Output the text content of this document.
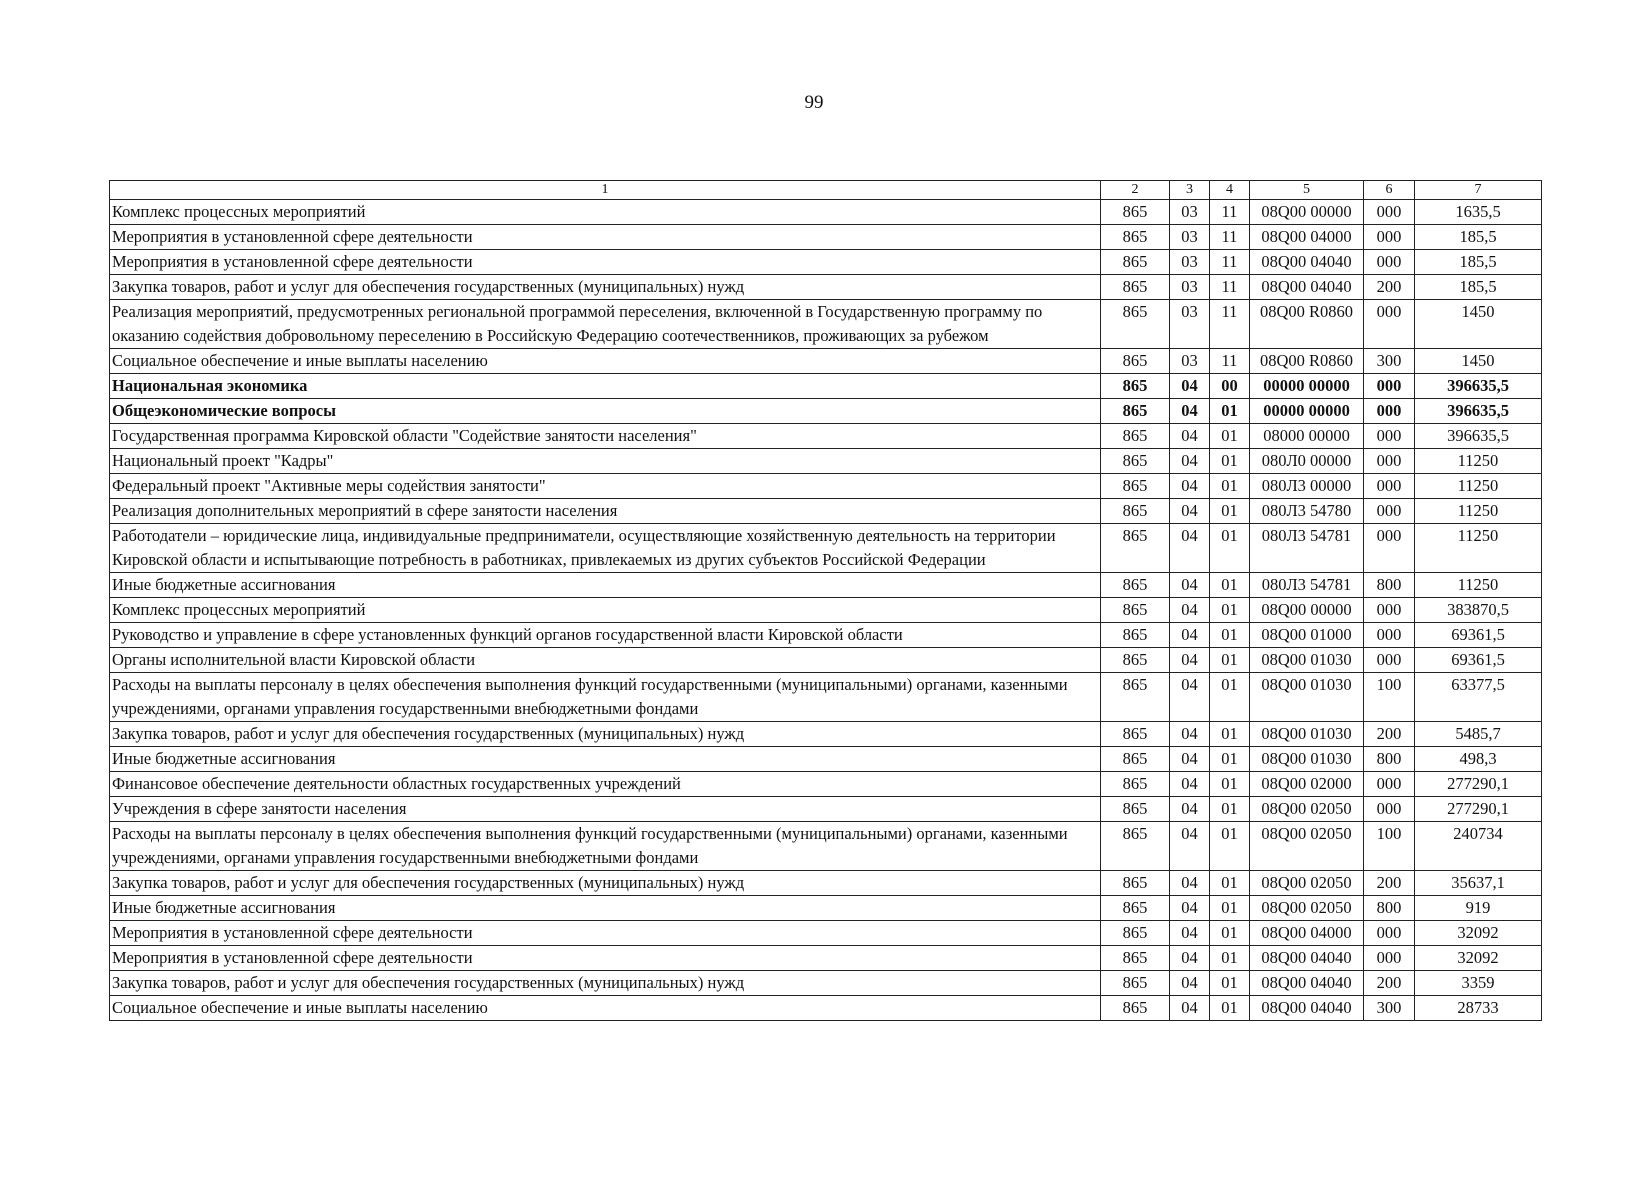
99
1	2	3	4	5	6	7
Комплекс процессных мероприятий	865	03	11	08Q00 00000	000	1635,5
Мероприятия в установленной сфере деятельности	865	03	11	08Q00 04000	000	185,5
Мероприятия в установленной сфере деятельности	865	03	11	08Q00 04040	000	185,5
Закупка товаров, работ и услуг для обеспечения государственных (муниципальных) нужд	865	03	11	08Q00 04040	200	185,5
Реализация мероприятий, предусмотренных региональной программой переселения, включенной в Государственную программу по оказанию содействия добровольному переселению в Российскую Федерацию соотечественников, проживающих за рубежом	865	03	11	08Q00 R0860	000	1450
Социальное обеспечение и иные выплаты населению	865	03	11	08Q00 R0860	300	1450
Национальная экономика	865	04	00	00000 00000	000	396635,5
Общеэкономические вопросы	865	04	01	00000 00000	000	396635,5
Государственная программа Кировской области "Содействие занятости населения"	865	04	01	08000 00000	000	396635,5
Национальный проект "Кадры"	865	04	01	080Л0 00000	000	11250
Федеральный проект "Активные меры содействия занятости"	865	04	01	080Л3 00000	000	11250
Реализация дополнительных мероприятий в сфере занятости населения	865	04	01	080Л3 54780	000	11250
Работодатели – юридические лица, индивидуальные предприниматели, осуществляющие хозяйственную деятельность на территории Кировской области и испытывающие потребность в работниках, привлекаемых из других субъектов Российской Федерации	865	04	01	080Л3 54781	000	11250
Иные бюджетные ассигнования	865	04	01	080Л3 54781	800	11250
Комплекс процессных мероприятий	865	04	01	08Q00 00000	000	383870,5
Руководство и управление в сфере установленных функций органов государственной власти Кировской области	865	04	01	08Q00 01000	000	69361,5
Органы исполнительной власти Кировской области	865	04	01	08Q00 01030	000	69361,5
Расходы на выплаты персоналу в целях обеспечения выполнения функций государственными (муниципальными) органами, казенными учреждениями, органами управления государственными внебюджетными фондами	865	04	01	08Q00 01030	100	63377,5
Закупка товаров, работ и услуг для обеспечения государственных (муниципальных) нужд	865	04	01	08Q00 01030	200	5485,7
Иные бюджетные ассигнования	865	04	01	08Q00 01030	800	498,3
Финансовое обеспечение деятельности областных государственных учреждений	865	04	01	08Q00 02000	000	277290,1
Учреждения в сфере занятости населения	865	04	01	08Q00 02050	000	277290,1
Расходы на выплаты персоналу в целях обеспечения выполнения функций государственными (муниципальными) органами, казенными учреждениями, органами управления государственными внебюджетными фондами	865	04	01	08Q00 02050	100	240734
Закупка товаров, работ и услуг для обеспечения государственных (муниципальных) нужд	865	04	01	08Q00 02050	200	35637,1
Иные бюджетные ассигнования	865	04	01	08Q00 02050	800	919
Мероприятия в установленной сфере деятельности	865	04	01	08Q00 04000	000	32092
Мероприятия в установленной сфере деятельности	865	04	01	08Q00 04040	000	32092
Закупка товаров, работ и услуг для обеспечения государственных (муниципальных) нужд	865	04	01	08Q00 04040	200	3359
Социальное обеспечение и иные выплаты населению	865	04	01	08Q00 04040	300	28733
